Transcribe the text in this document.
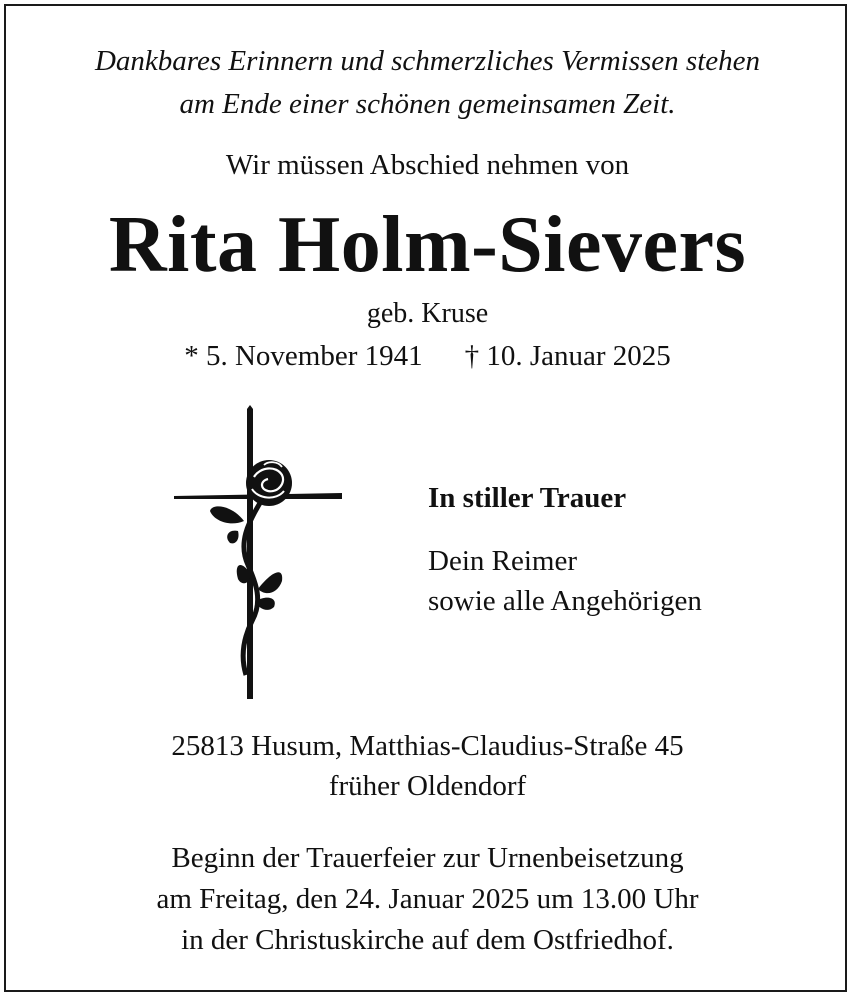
Dankbares Erinnern und schmerzliches Vermissen stehen
am Ende einer schönen gemeinsamen Zeit.
Wir müssen Abschied nehmen von
Rita Holm-Sievers
geb. Kruse
* 5. November 1941 † 10. Januar 2025
In stiller Trauer
Dein Reimer
sowie alle Angehörigen
25813 Husum, Matthias-Claudius-Straße 45
früher Oldendorf
Beginn der Trauerfeier zur Urnenbeisetzung
am Freitag, den 24. Januar 2025 um 13.00 Uhr
in der Christuskirche auf dem Ostfriedhof.
